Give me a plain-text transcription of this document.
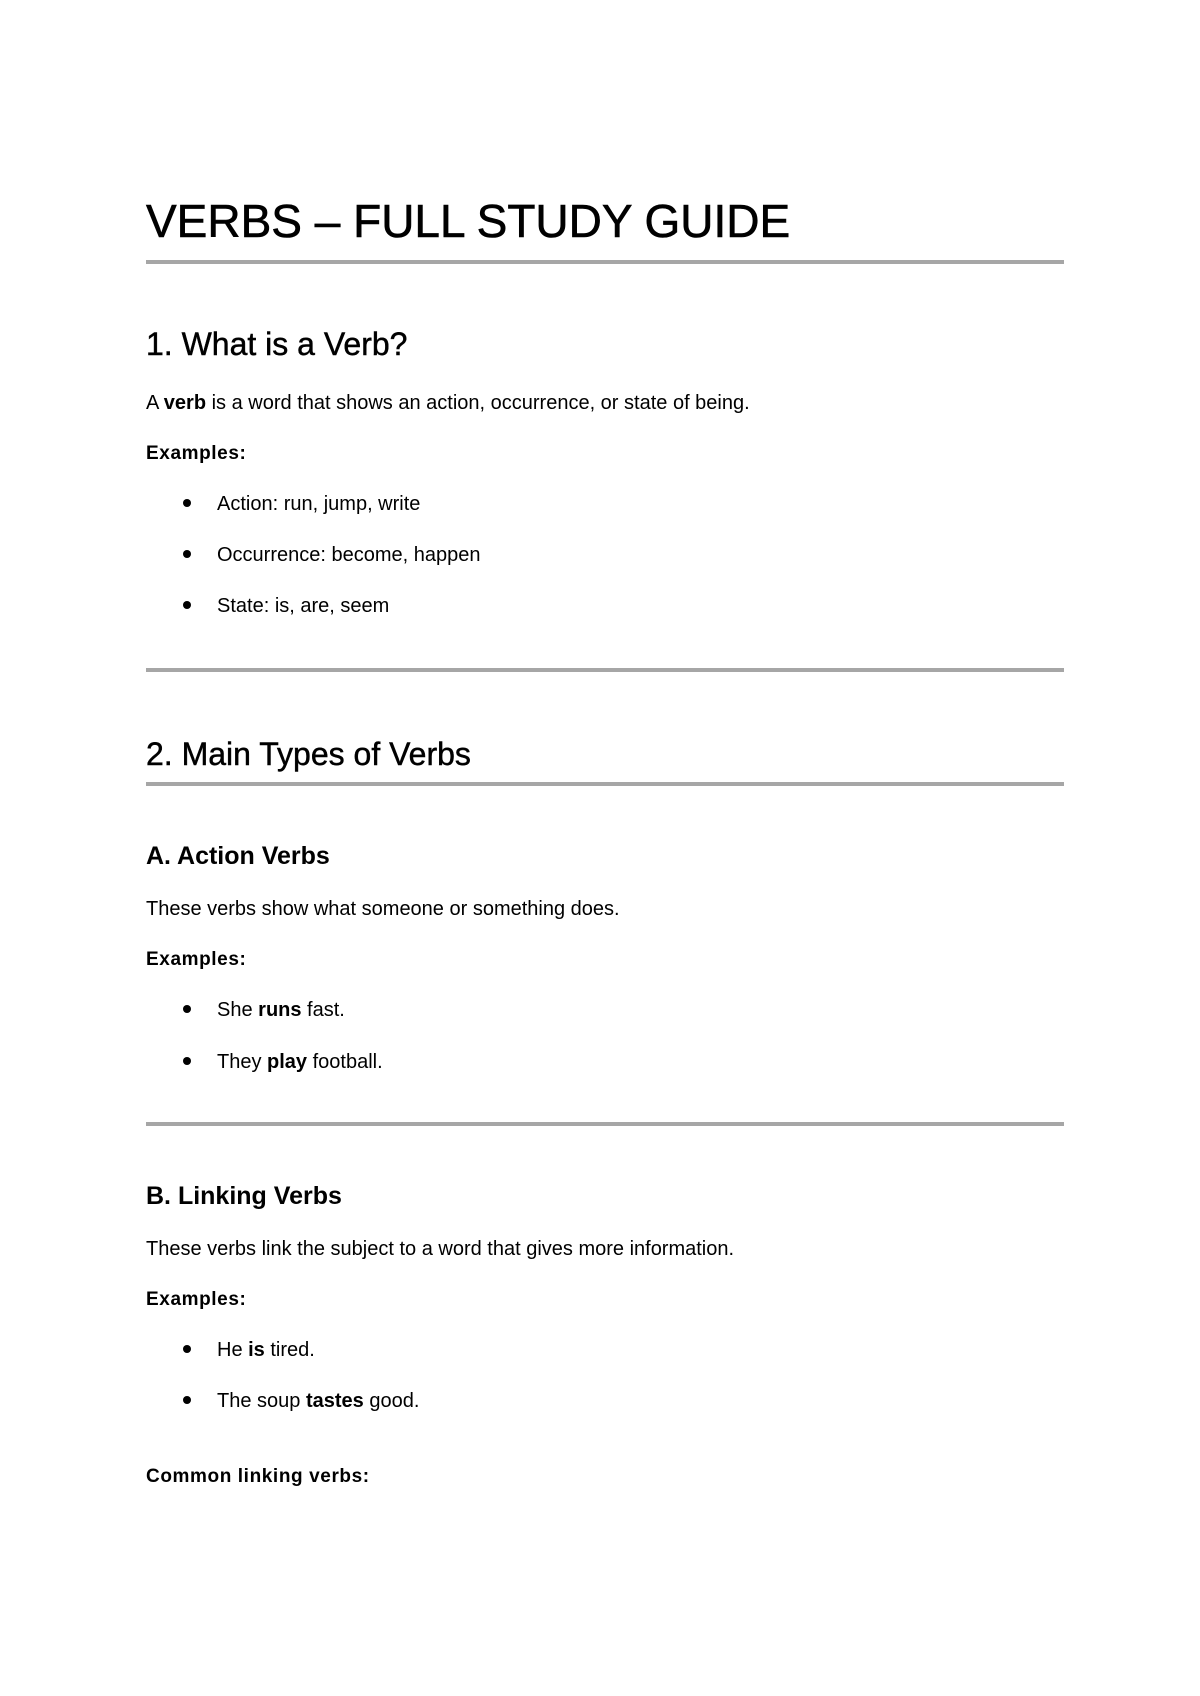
VERBS – FULL STUDY GUIDE
1. What is a Verb?
A verb is a word that shows an action, occurrence, or state of being.
Examples:
Action: run, jump, write
Occurrence: become, happen
State: is, are, seem
2. Main Types of Verbs
A. Action Verbs
These verbs show what someone or something does.
Examples:
She runs fast.
They play football.
B. Linking Verbs
These verbs link the subject to a word that gives more information.
Examples:
He is tired.
The soup tastes good.
Common linking verbs:
